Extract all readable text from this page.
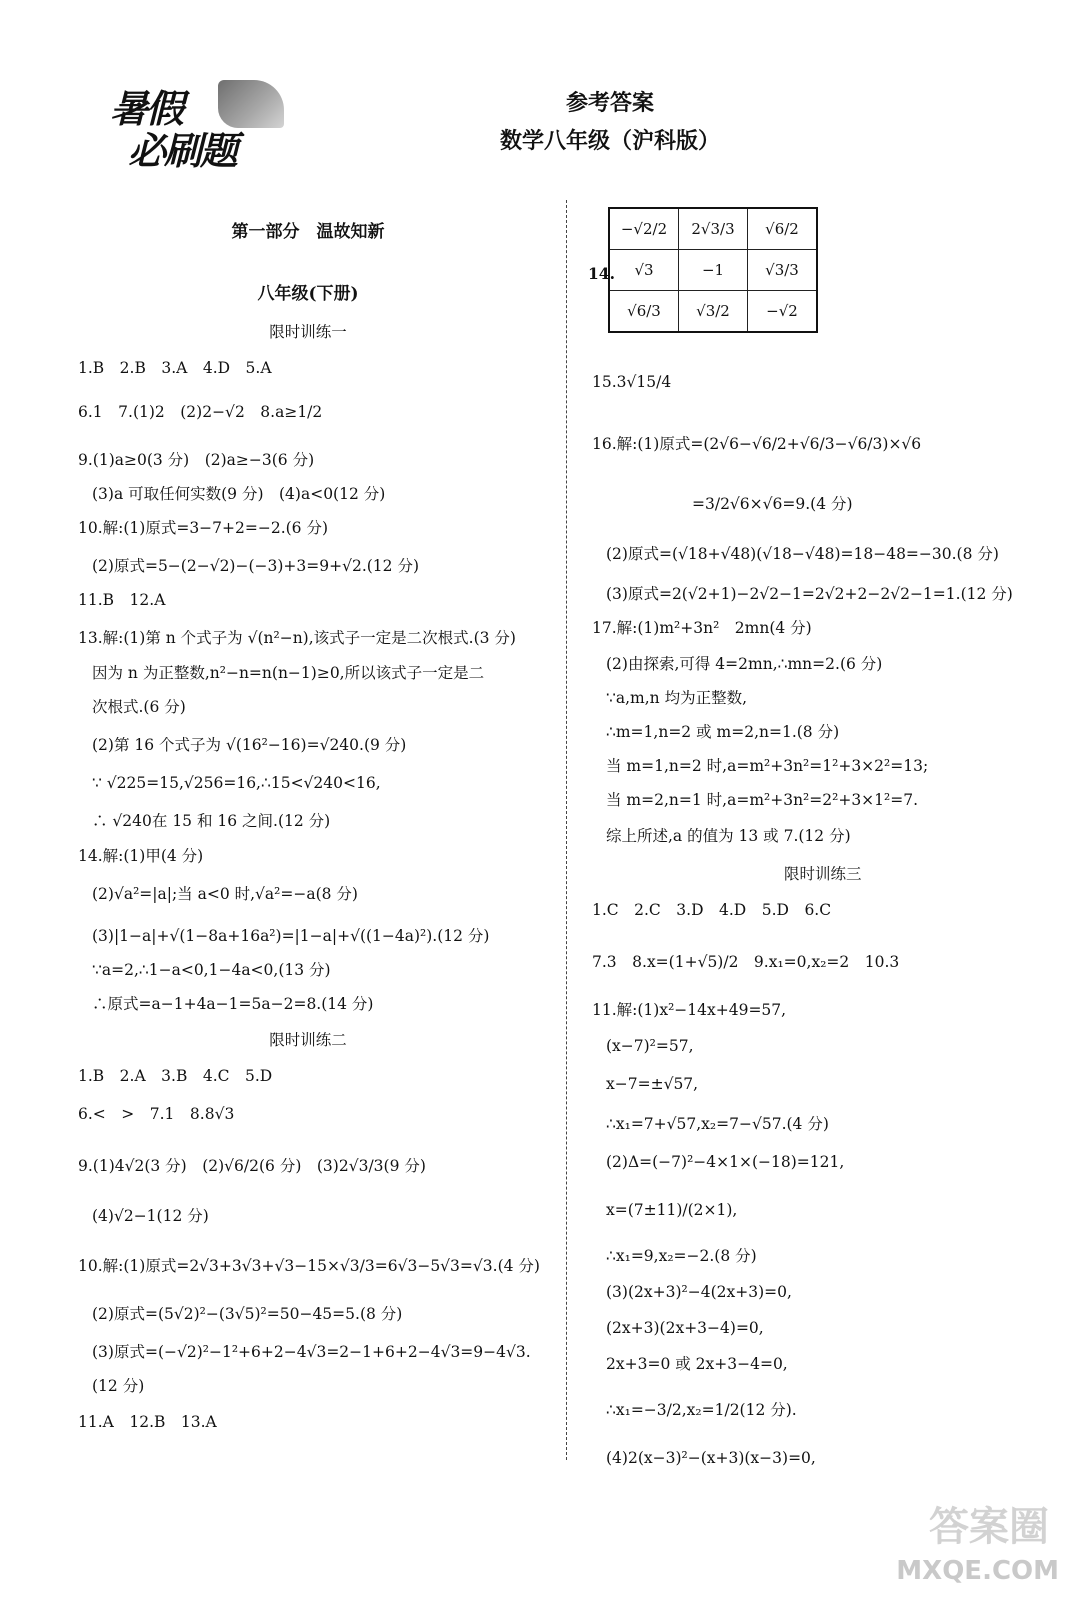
暑假
必刷题
参考答案
数学八年级（沪科版）
第一部分　温故知新
八年级(下册)
限时训练一
1.B　2.B　3.A　4.D　5.A
6.1　7.(1)2　(2)2−√2　8.a≥1/2
9.(1)a≥0(3 分)　(2)a≥−3(6 分)
(3)a 可取任何实数(9 分)　(4)a<0(12 分)
10.解:(1)原式=3−7+2=−2.(6 分)
(2)原式=5−(2−√2)−(−3)+3=9+√2.(12 分)
11.B　12.A
13.解:(1)第 n 个式子为 √(n²−n),该式子一定是二次根式.(3 分)
因为 n 为正整数,n²−n=n(n−1)≥0,所以该式子一定是二
次根式.(6 分)
(2)第 16 个式子为 √(16²−16)=√240.(9 分)
∵ √225=15,√256=16,∴15<√240<16,
∴ √240在 15 和 16 之间.(12 分)
14.解:(1)甲(4 分)
(2)√a²=|a|;当 a<0 时,√a²=−a(8 分)
(3)|1−a|+√(1−8a+16a²)=|1−a|+√((1−4a)²).(12 分)
∵a=2,∴1−a<0,1−4a<0,(13 分)
∴原式=a−1+4a−1=5a−2=8.(14 分)
限时训练二
1.B　2.A　3.B　4.C　5.D
6.<　>　7.1　8.8√3
9.(1)4√2(3 分)　(2)√6/2(6 分)　(3)2√3/3(9 分)
(4)√2−1(12 分)
10.解:(1)原式=2√3+3√3+√3−15×√3/3=6√3−5√3=√3.(4 分)
(2)原式=(5√2)²−(3√5)²=50−45=5.(8 分)
(3)原式=(−√2)²−1²+6+2−4√3=2−1+6+2−4√3=9−4√3.
(12 分)
11.A　12.B　13.A
14.
−√2/2	2√3/3	√6/2
√3	−1	√3/3
√6/3	√3/2	−√2
15.3√15/4
16.解:(1)原式=(2√6−√6/2+√6/3−√6/3)×√6
=3/2√6×√6=9.(4 分)
(2)原式=(√18+√48)(√18−√48)=18−48=−30.(8 分)
(3)原式=2(√2+1)−2√2−1=2√2+2−2√2−1=1.(12 分)
17.解:(1)m²+3n²　2mn(4 分)
(2)由探索,可得 4=2mn,∴mn=2.(6 分)
∵a,m,n 均为正整数,
∴m=1,n=2 或 m=2,n=1.(8 分)
当 m=1,n=2 时,a=m²+3n²=1²+3×2²=13;
当 m=2,n=1 时,a=m²+3n²=2²+3×1²=7.
综上所述,a 的值为 13 或 7.(12 分)
限时训练三
1.C　2.C　3.D　4.D　5.D　6.C
7.3　8.x=(1+√5)/2　9.x₁=0,x₂=2　10.3
11.解:(1)x²−14x+49=57,
(x−7)²=57,
x−7=±√57,
∴x₁=7+√57,x₂=7−√57.(4 分)
(2)Δ=(−7)²−4×1×(−18)=121,
x=(7±11)/(2×1),
∴x₁=9,x₂=−2.(8 分)
(3)(2x+3)²−4(2x+3)=0,
(2x+3)(2x+3−4)=0,
2x+3=0 或 2x+3−4=0,
∴x₁=−3/2,x₂=1/2(12 分).
(4)2(x−3)²−(x+3)(x−3)=0,
答案圈
MXQE.COM
